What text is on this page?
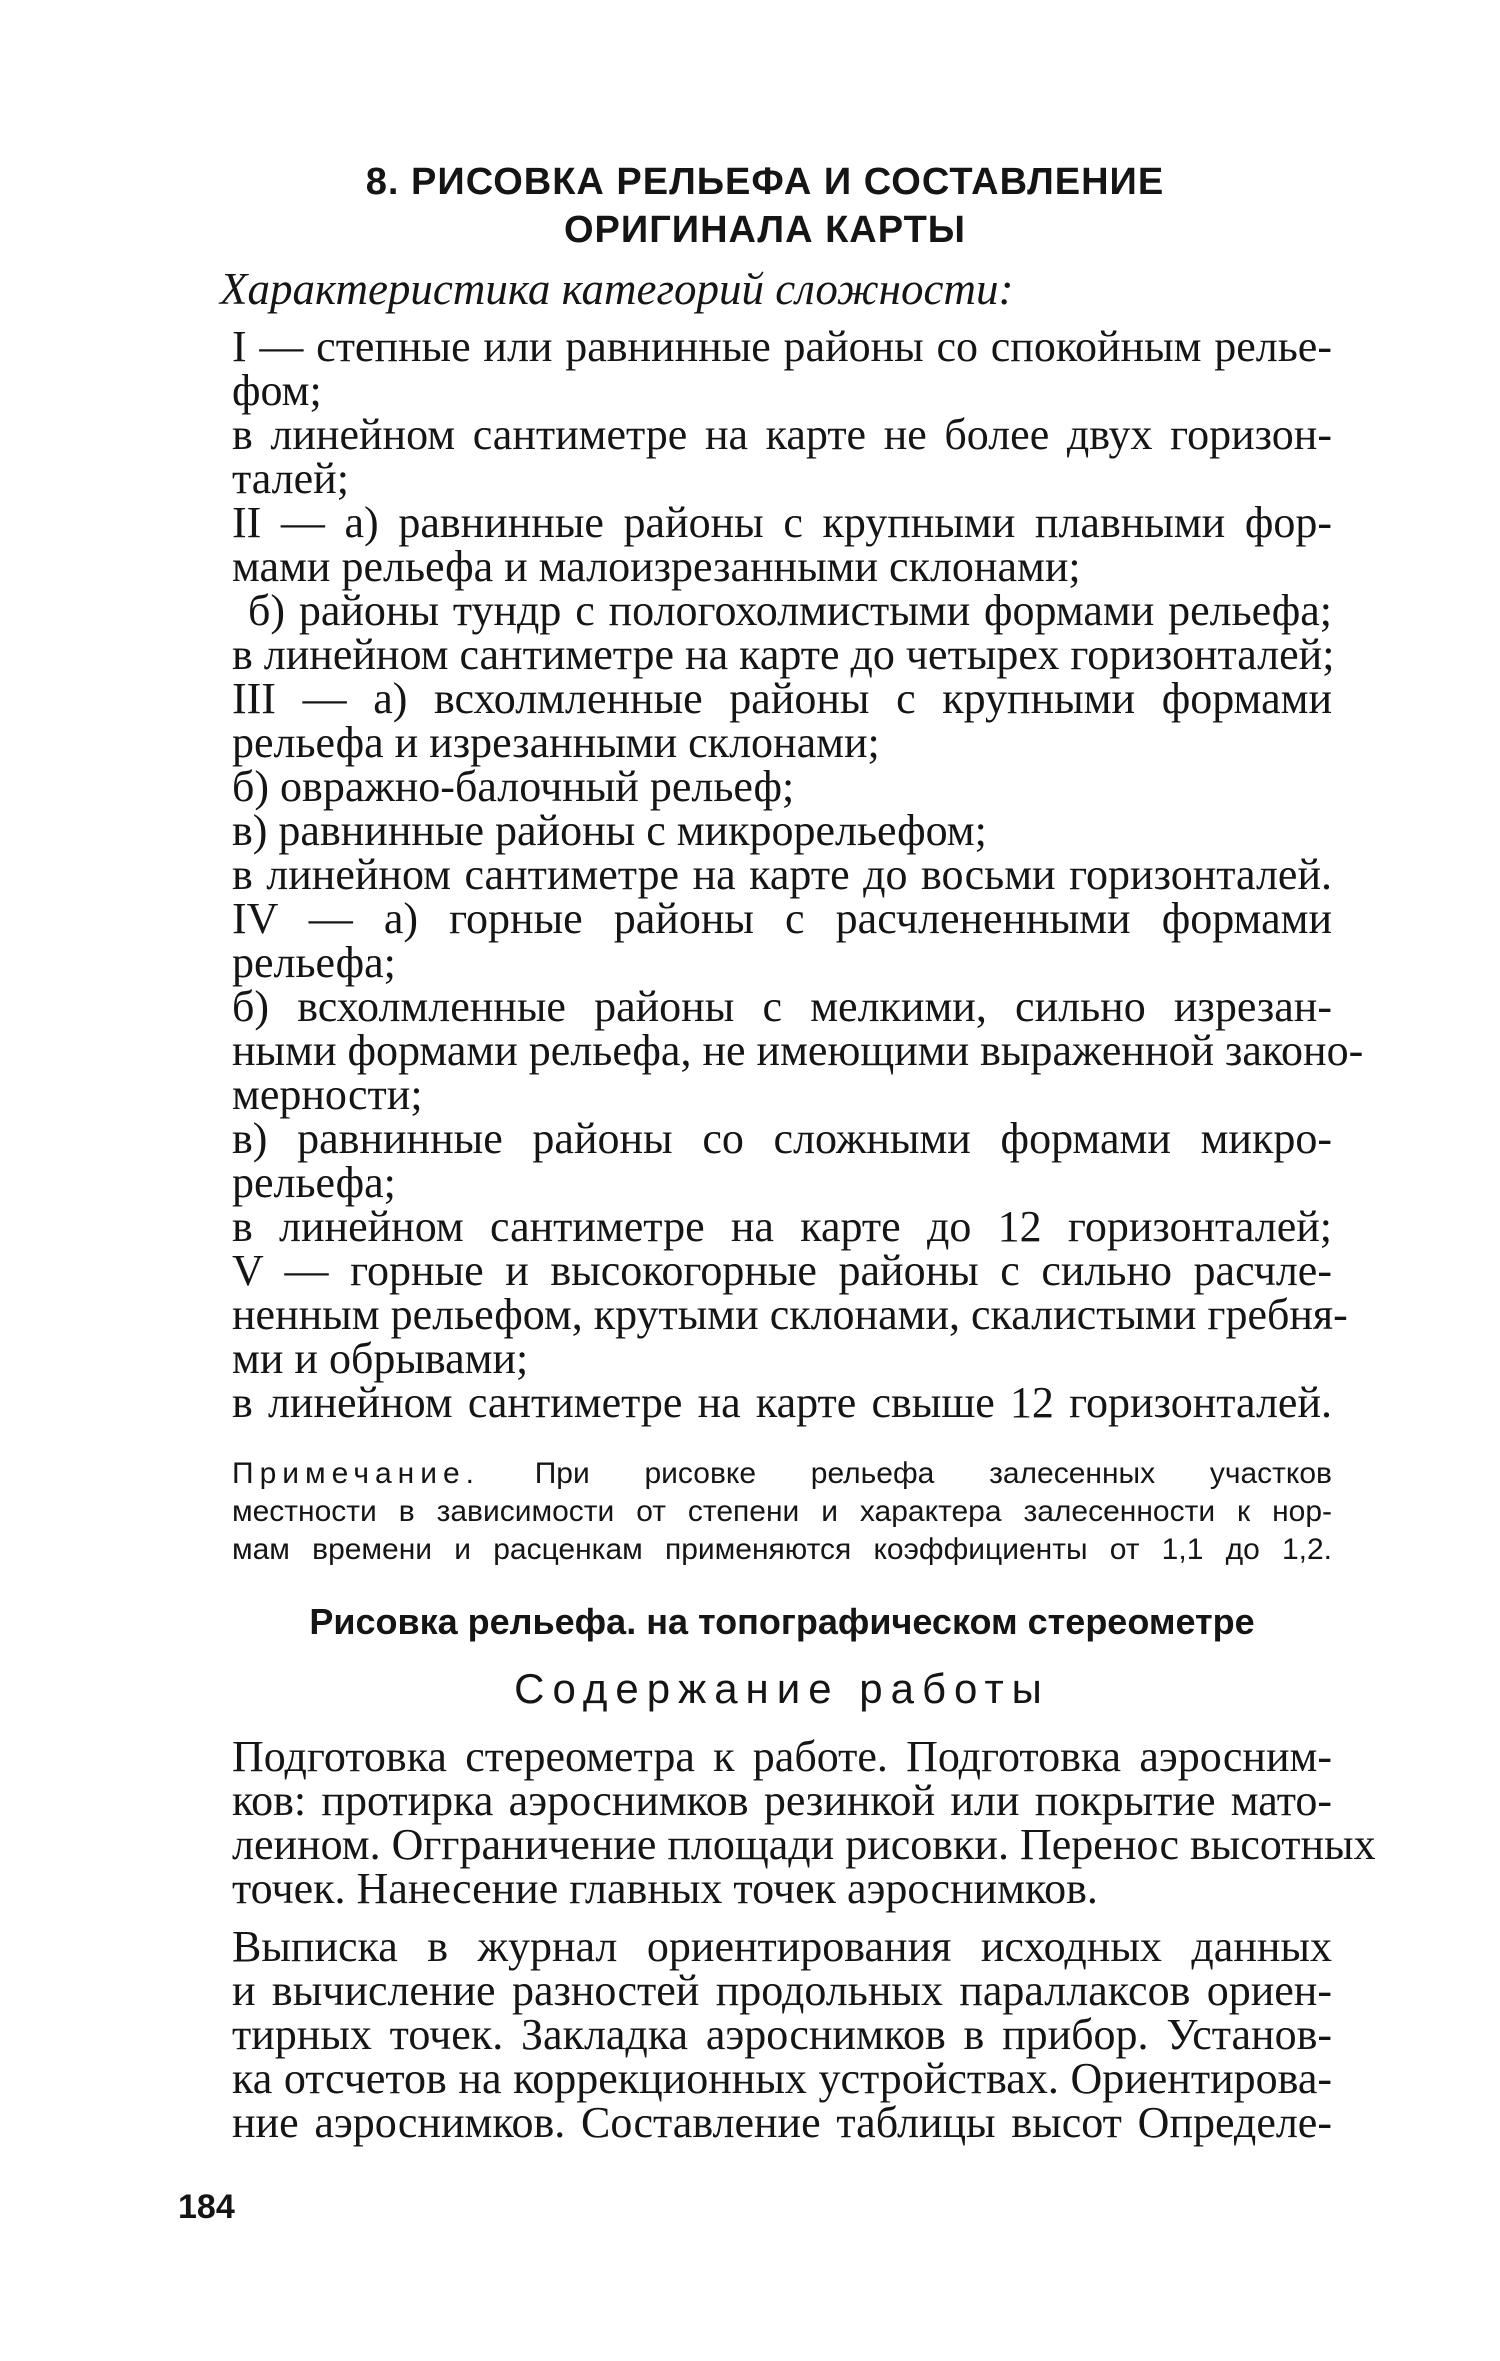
8. РИСОВКА РЕЛЬЕФА И СОСТАВЛЕНИЕ
ОРИГИНАЛА КАРТЫ
Характеристика категорий сложности:
I — степные или равнинные районы со спокойным релье-
фом;
в линейном сантиметре на карте не более двух горизон-
талей;
II — а) равнинные районы с крупными плавными фор-
мами рельефа и малоизрезанными склонами;
б) районы тундр с пологохолмистыми формами рельефа;
в линейном сантиметре на карте до четырех горизонталей;
III — а) всхолмленные районы с крупными формами
рельефа и изрезанными склонами;
б) овражно-балочный рельеф;
в) равнинные районы с микрорельефом;
в линейном сантиметре на карте до восьми горизонталей.
IV — а) горные районы с расчлененными формами
рельефа;
б) всхолмленные районы с мелкими, сильно изрезан-
ными формами рельефа, не имеющими выраженной законо-
мерности;
в) равнинные районы со сложными формами микро-
рельефа;
в линейном сантиметре на карте до 12 горизонталей;
V — горные и высокогорные районы с сильно расчле-
ненным рельефом, крутыми склонами, скалистыми гребня-
ми и обрывами;
в линейном сантиметре на карте свыше 12 горизонталей.
Примечание. При рисовке рельефа залесенных участков
местности в зависимости от степени и характера залесенности к нор-
мам времени и расценкам применяются коэффициенты от 1,1 до 1,2.
Рисовка рельефа. на топографическом стереометре
Содержание работы
Подготовка стереометра к работе. Подготовка аэросним-
ков: протирка аэроснимков резинкой или покрытие мато-
леином. Огграничение площади рисовки. Перенос высотных
точек. Нанесение главных точек аэроснимков.
Выписка в журнал ориентирования исходных данных
и вычисление разностей продольных параллаксов ориен-
тирных точек. Закладка аэроснимков в прибор. Установ-
ка отсчетов на коррекционных устройствах. Ориентирова-
ние аэроснимков. Составление таблицы высот Определе-
184
